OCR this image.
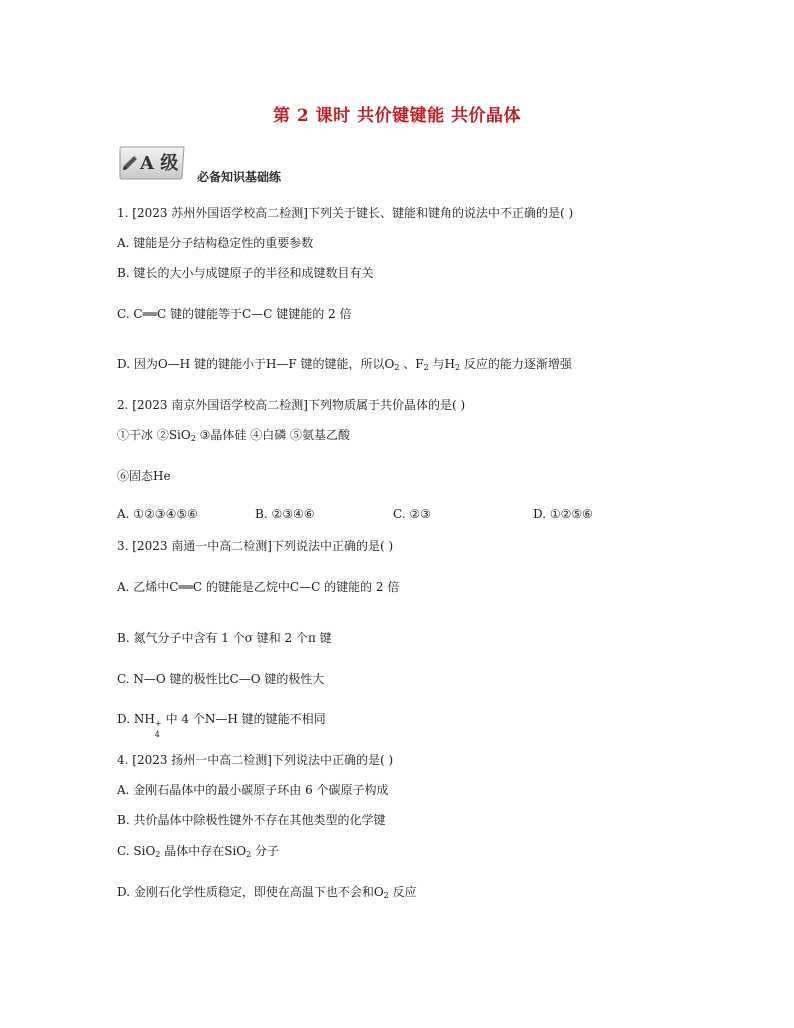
第 2 课时 共价键键能 共价晶体
A 级
必备知识基础练
1. [2023 苏州外国语学校高二检测]下列关于键长、键能和键角的说法中不正确的是( )
A. 键能是分子结构稳定性的重要参数
B. 键长的大小与成键原子的半径和成键数目有关
C. C══C 键的键能等于C—C 键键能的 2 倍
D. 因为O—H 键的键能小于H—F 键的键能，所以$O_2$ 、$F_2$ 与$H_2$ 反应的能力逐渐增强
2. [2023 南京外国语学校高二检测]下列物质属于共价晶体的是( )
①干冰 ②SiO$_2$ ③晶体硅 ④白磷 ⑤氨基乙酸
⑥固态He
A. ①②③④⑤⑥	B. ②③④⑥	C. ②③	D. ①②⑤⑥
3. [2023 南通一中高二检测]下列说法中正确的是( )
A. 乙烯中C══C 的键能是乙烷中C—C 的键能的 2 倍
B. 氮气分子中含有 1 个σ 键和 2 个π 键
C. N—O 键的极性比C—O 键的极性大
D. NH +
4
中 4 个N—H 键的键能不相同
4. [2023 扬州一中高二检测]下列说法中正确的是( )
A. 金刚石晶体中的最小碳原子环由 6 个碳原子构成
B. 共价晶体中除极性键外不存在其他类型的化学键
C. SiO$_2$ 晶体中存在SiO$_2$ 分子
D. 金刚石化学性质稳定，即使在高温下也不会和$O_2$ 反应
